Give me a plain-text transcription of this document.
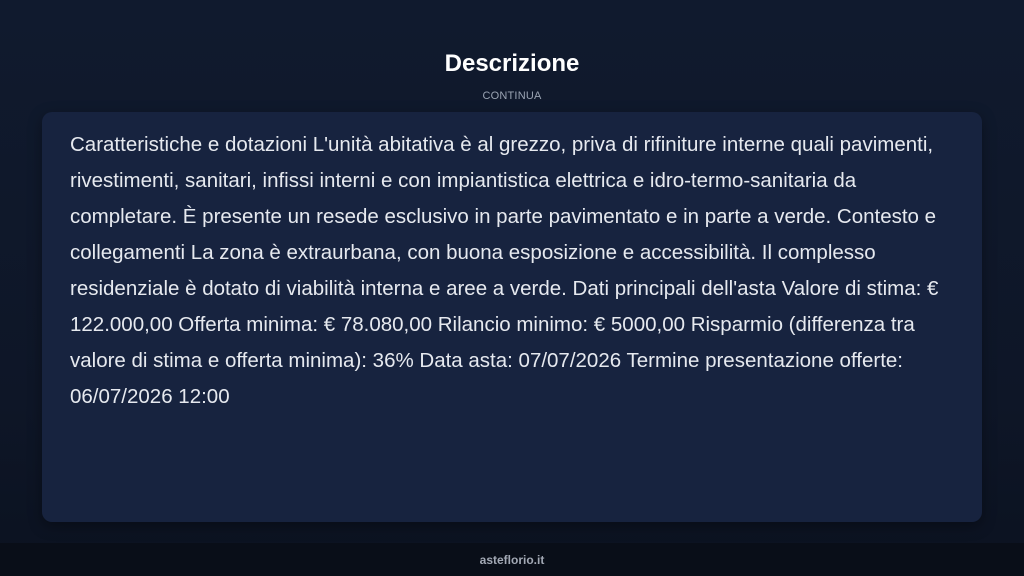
Descrizione
CONTINUA

Caratteristiche e dotazioni L'unità abitativa è al grezzo, priva di rifiniture interne quali pavimenti, rivestimenti, sanitari, infissi interni e con impiantistica elettrica e idro-termo-sanitaria da completare. È presente un resede esclusivo in parte pavimentato e in parte a verde. Contesto e collegamenti La zona è extraurbana, con buona esposizione e accessibilità. Il complesso residenziale è dotato di viabilità interna e aree a verde. Dati principali dell'asta Valore di stima: € 122.000,00 Offerta minima: € 78.080,00 Rilancio minimo: € 5000,00 Risparmio (differenza tra valore di stima e offerta minima): 36% Data asta: 07/07/2026 Termine presentazione offerte: 06/07/2026 12:00

asteflorio.it
